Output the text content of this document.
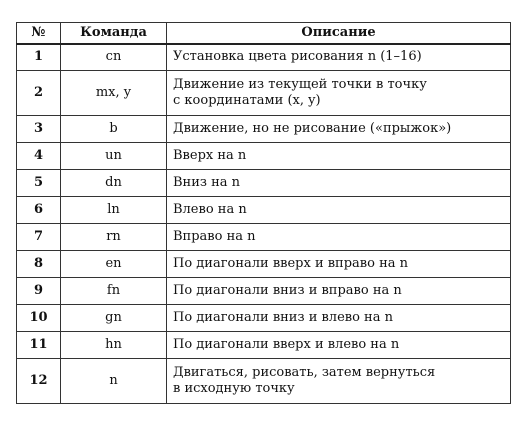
№	Команда	Описание
1	cn	Установка цвета рисования n (1–16)
2	mx, y	Движение из текущей точки в точку
с координатами (x, y)
3	b	Движение, но не рисование («прыжок»)
4	un	Вверх на n
5	dn	Вниз на n
6	ln	Влево на n
7	rn	Вправо на n
8	en	По диагонали вверх и вправо на n
9	fn	По диагонали вниз и вправо на n
10	gn	По диагонали вниз и влево на n
11	hn	По диагонали вверх и влево на n
12	n	Двигаться, рисовать, затем вернуться
в исходную точку
